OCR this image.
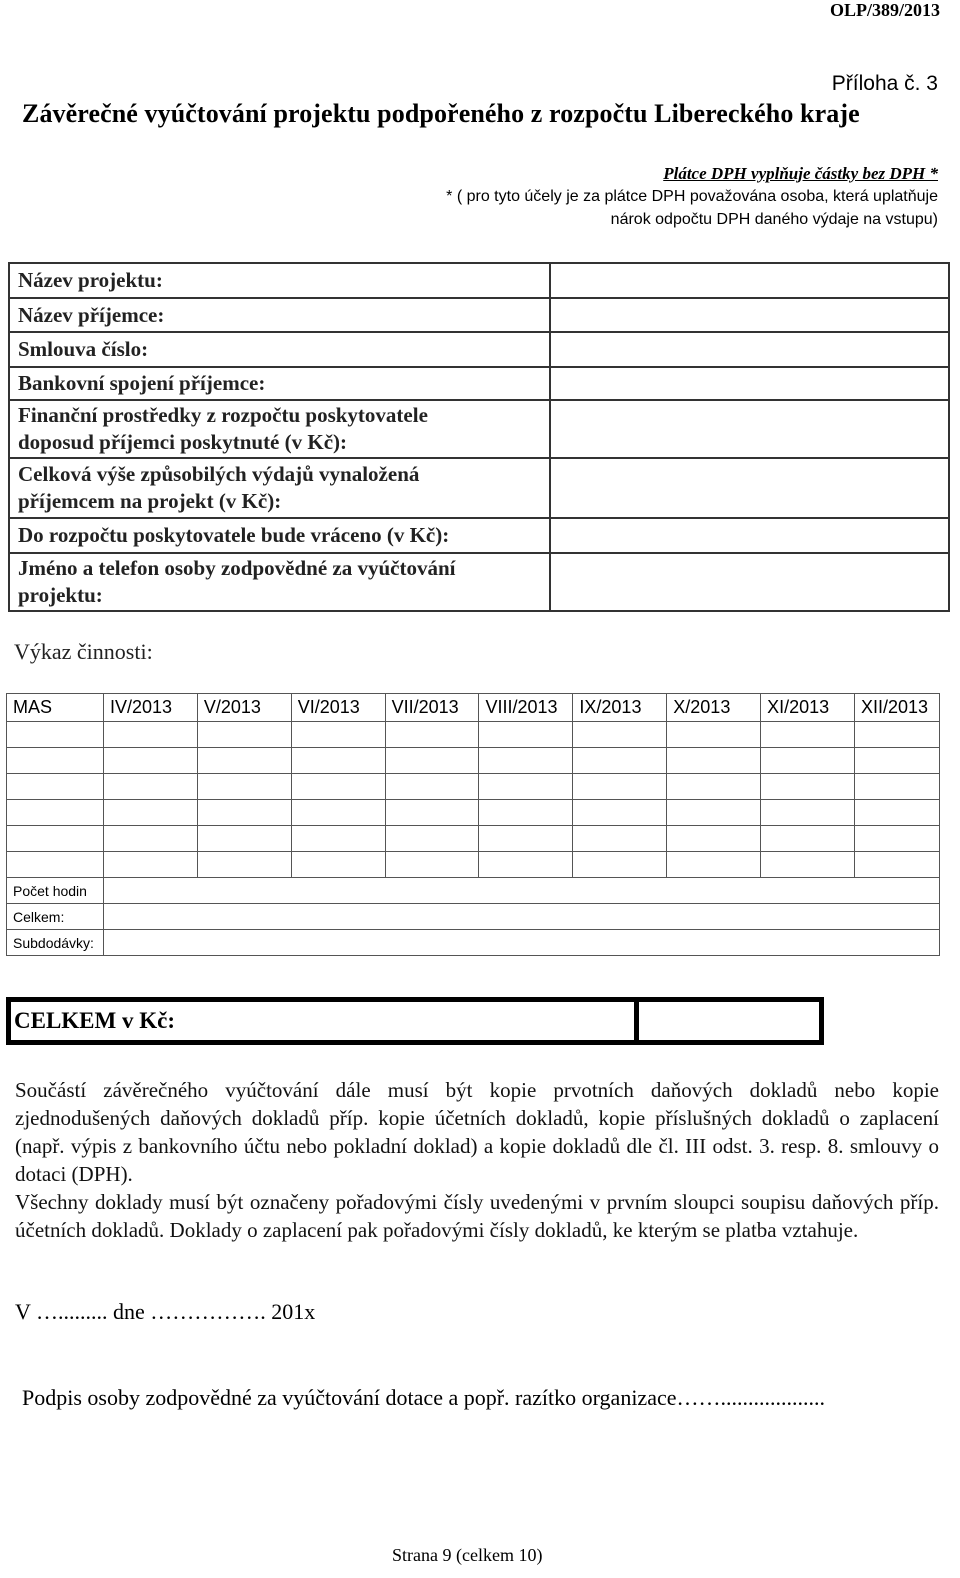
OLP/389/2013
Příloha č. 3
Závěrečné vyúčtování projektu podpořeného z rozpočtu Libereckého kraje
Plátce DPH vyplňuje částky bez DPH *
* ( pro tyto účely je za plátce DPH považována osoba, která uplatňuje
nárok odpočtu DPH daného výdaje na vstupu)
Název projektu:	
Název příjemce:	
Smlouva číslo:	
Bankovní spojení příjemce:	

Finanční prostředky z rozpočtu poskytovatele
doposud příjemci poskytnuté (v Kč):	

Celková výše způsobilých výdajů vynaložená
příjemcem na projekt (v Kč):	

Do rozpočtu poskytovatele bude vráceno (v Kč):	

Jméno a telefon osoby zodpovědné za vyúčtování
projektu:	

Výkaz činnosti:
MAS	IV/2013	V/2013	VI/2013	VII/2013	VIII/2013	IX/2013	X/2013	XI/2013	XII/2013

Počet hodin									
Celkem:									
Subdodávky:									
CELKEM v Kč:
Součástí závěrečného vyúčtování dále musí být kopie prvotních daňových dokladů nebo kopie zjednodušených daňových dokladů příp. kopie účetních dokladů, kopie příslušných dokladů o zaplacení (např. výpis z bankovního účtu nebo pokladní doklad) a kopie dokladů dle čl. III odst. 3. resp. 8. smlouvy o dotaci (DPH).
Všechny doklady musí být označeny pořadovými čísly uvedenými v prvním sloupci soupisu daňových příp. účetních dokladů. Doklady o zaplacení pak pořadovými čísly dokladů, ke kterým se platba vztahuje.
V …......... dne ……………. 201x
Podpis osoby zodpovědné za vyúčtování dotace a popř. razítko organizace……...................
Strana 9 (celkem 10)
